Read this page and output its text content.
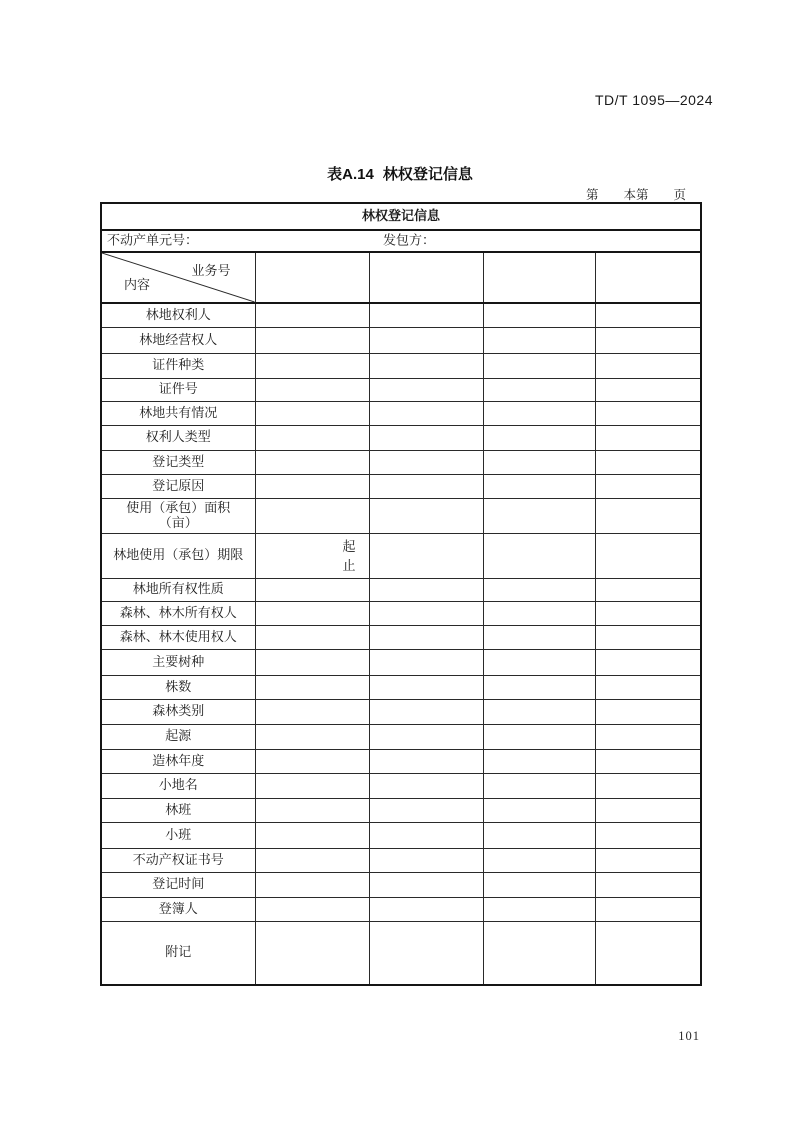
TD/T 1095—2024
表A.14 林权登记信息
第　　本第　　页
林权登记信息				

不动产单元号： 发包方：				

业务号
内容				

林地权利人				
林地经营权人				
证件种类				
证件号				
林地共有情况				
权利人类型				
登记类型				
登记原因				
使用（承包）面积
（亩）				
林地使用（承包）期限	起
止			

林地所有权性质				
森林、林木所有权人				
森林、林木使用权人				
主要树种				
株数				
森林类别				
起源				
造林年度				
小地名				
林班				
小班				
不动产权证书号				
登记时间				
登簿人				
附记				
101
